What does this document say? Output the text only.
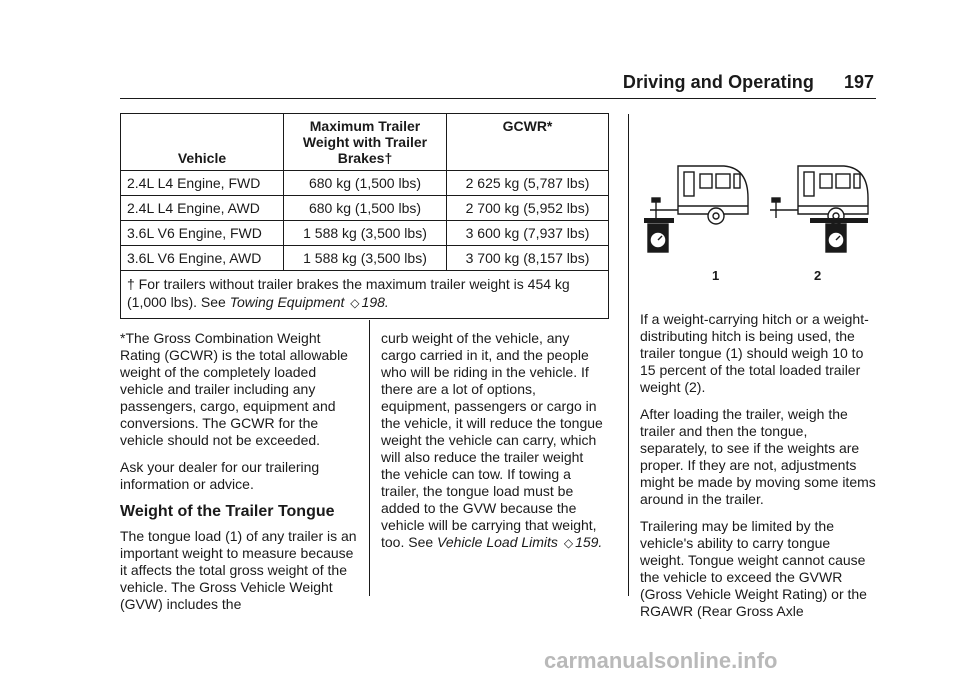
Driving and Operating 197
Vehicle	Maximum Trailer Weight with Trailer Brakes†	GCWR*
2.4L L4 Engine, FWD	680 kg (1,500 lbs)	2 625 kg (5,787 lbs)
2.4L L4 Engine, AWD	680 kg (1,500 lbs)	2 700 kg (5,952 lbs)
3.6L V6 Engine, FWD	1 588 kg (3,500 lbs)	3 600 kg (7,937 lbs)
3.6L V6 Engine, AWD	1 588 kg (3,500 lbs)	3 700 kg (8,157 lbs)
† For trailers without trailer brakes the maximum trailer weight is 454 kg (1,000 lbs). See Towing Equipment ◇ 198.		

*The Gross Combination Weight Rating (GCWR) is the total allowable weight of the completely loaded vehicle and trailer including any passengers, cargo, equipment and conversions. The GCWR for the vehicle should not be exceeded.

Ask your dealer for our trailering information or advice.

Weight of the Trailer Tongue

The tongue load (1) of any trailer is an important weight to measure because it affects the total gross weight of the vehicle. The Gross Vehicle Weight (GVW) includes the

curb weight of the vehicle, any cargo carried in it, and the people who will be riding in the vehicle. If there are a lot of options, equipment, passengers or cargo in the vehicle, it will reduce the tongue weight the vehicle can carry, which will also reduce the trailer weight the vehicle can tow. If towing a trailer, the tongue load must be added to the GVW because the vehicle will be carrying that weight, too. See Vehicle Load Limits ◇ 159.

1	2

If a weight-carrying hitch or a weight-distributing hitch is being used, the trailer tongue (1) should weigh 10 to 15 percent of the total loaded trailer weight (2).

After loading the trailer, weigh the trailer and then the tongue, separately, to see if the weights are proper. If they are not, adjustments might be made by moving some items around in the trailer.

Trailering may be limited by the vehicle's ability to carry tongue weight. Tongue weight cannot cause the vehicle to exceed the GVWR (Gross Vehicle Weight Rating) or the RGAWR (Rear Gross Axle

carmanualsonline.info
